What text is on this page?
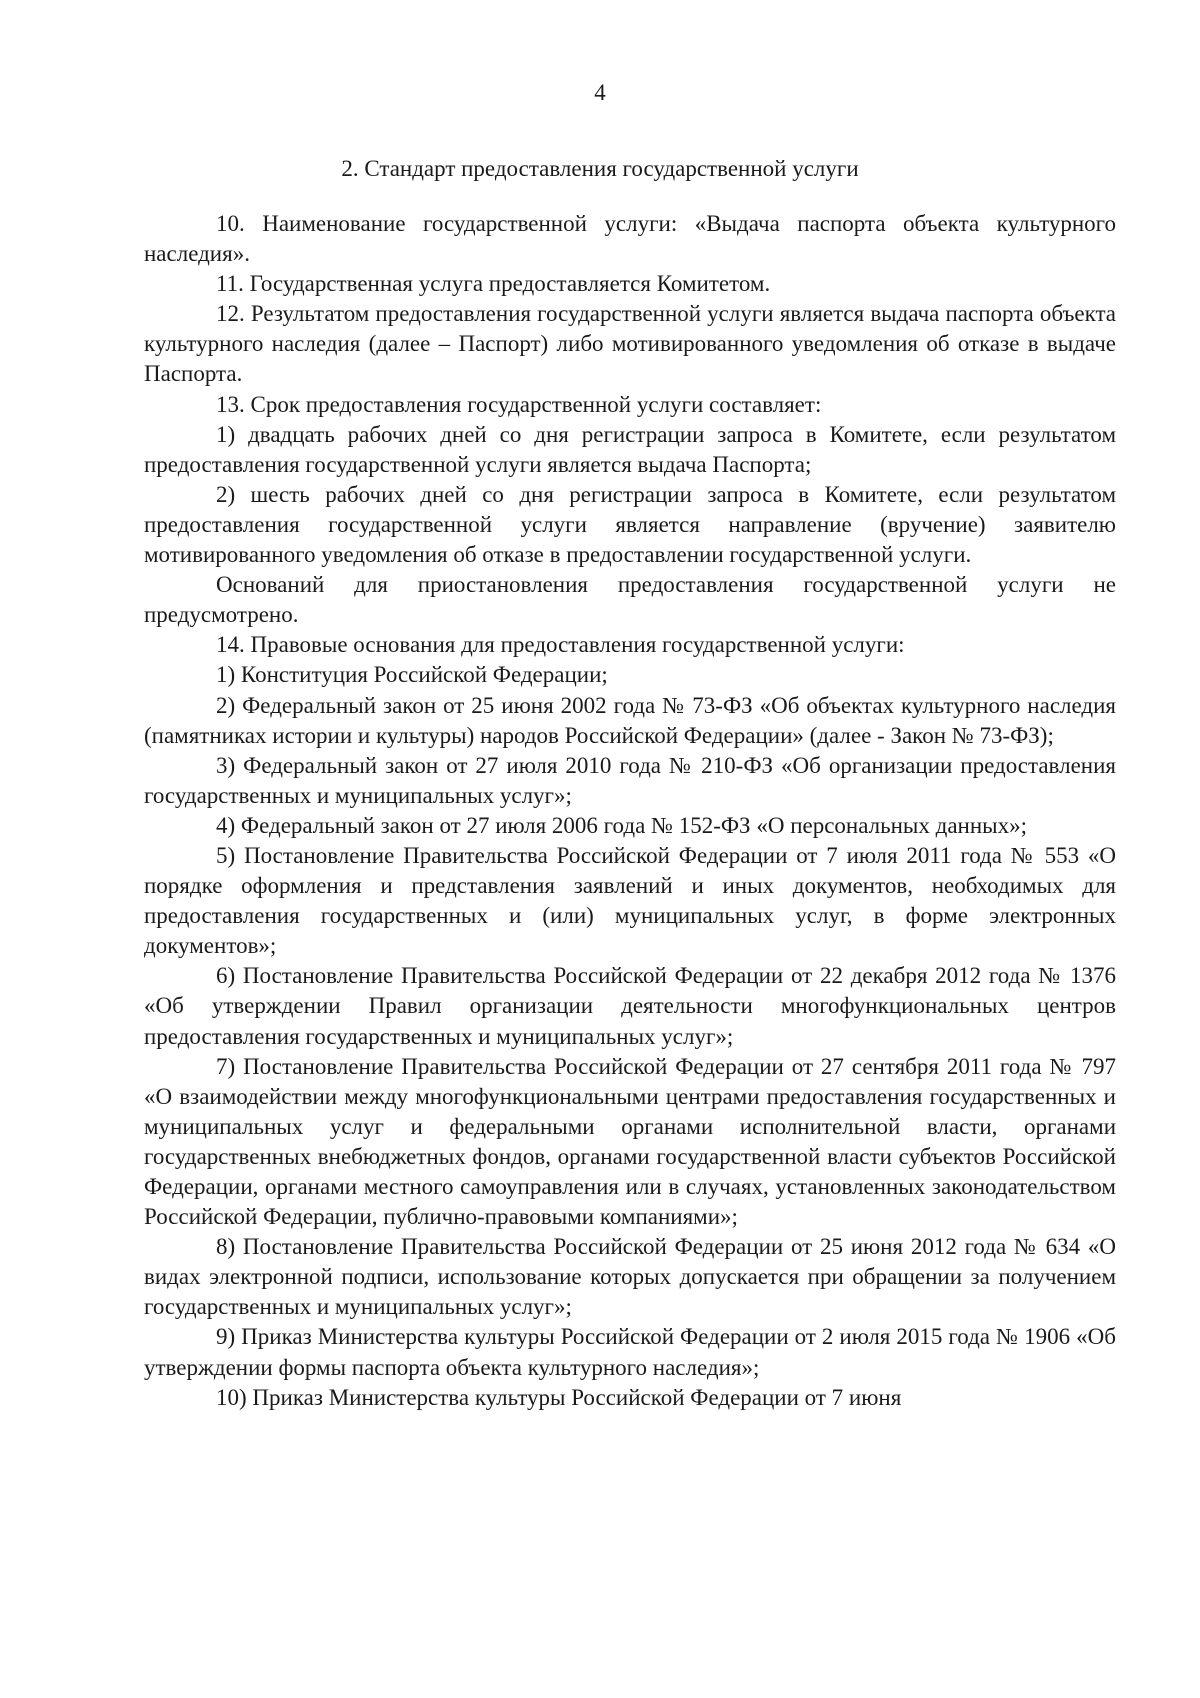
4
2. Стандарт предоставления государственной услуги

10. Наименование государственной услуги: «Выдача паспорта объекта культурного наследия».

11. Государственная услуга предоставляется Комитетом.

12. Результатом предоставления государственной услуги является выдача паспорта объекта культурного наследия (далее – Паспорт) либо мотивированного уведомления об отказе в выдаче Паспорта.

13. Срок предоставления государственной услуги составляет:

1) двадцать рабочих дней со дня регистрации запроса в Комитете, если результатом предоставления государственной услуги является выдача Паспорта;

2) шесть рабочих дней со дня регистрации запроса в Комитете, если результатом предоставления государственной услуги является направление (вручение) заявителю мотивированного уведомления об отказе в предоставлении государственной услуги.

Оснований для приостановления предоставления государственной услуги не предусмотрено.

14. Правовые основания для предоставления государственной услуги:

1) Конституция Российской Федерации;

2) Федеральный закон от 25 июня 2002 года № 73-ФЗ «Об объектах культурного наследия (памятниках истории и культуры) народов Российской Федерации» (далее - Закон № 73-ФЗ);

3) Федеральный закон от 27 июля 2010 года № 210-ФЗ «Об организации предоставления государственных и муниципальных услуг»;

4) Федеральный закон от 27 июля 2006 года № 152-ФЗ «О персональных данных»;

5) Постановление Правительства Российской Федерации от 7 июля 2011 года № 553 «О порядке оформления и представления заявлений и иных документов, необходимых для предоставления государственных и (или) муниципальных услуг, в форме электронных документов»;

6) Постановление Правительства Российской Федерации от 22 декабря 2012 года № 1376 «Об утверждении Правил организации деятельности многофункциональных центров предоставления государственных и муниципальных услуг»;

7) Постановление Правительства Российской Федерации от 27 сентября 2011 года № 797 «О взаимодействии между многофункциональными центрами предоставления государственных и муниципальных услуг и федеральными органами исполнительной власти, органами государственных внебюджетных фондов, органами государственной власти субъектов Российской Федерации, органами местного самоуправления или в случаях, установленных законодательством Российской Федерации, публично-правовыми компаниями»;

8) Постановление Правительства Российской Федерации от 25 июня 2012 года № 634 «О видах электронной подписи, использование которых допускается при обращении за получением государственных и муниципальных услуг»;

9) Приказ Министерства культуры Российской Федерации от 2 июля 2015 года № 1906 «Об утверждении формы паспорта объекта культурного наследия»;

10) Приказ Министерства культуры Российской Федерации от 7 июня
